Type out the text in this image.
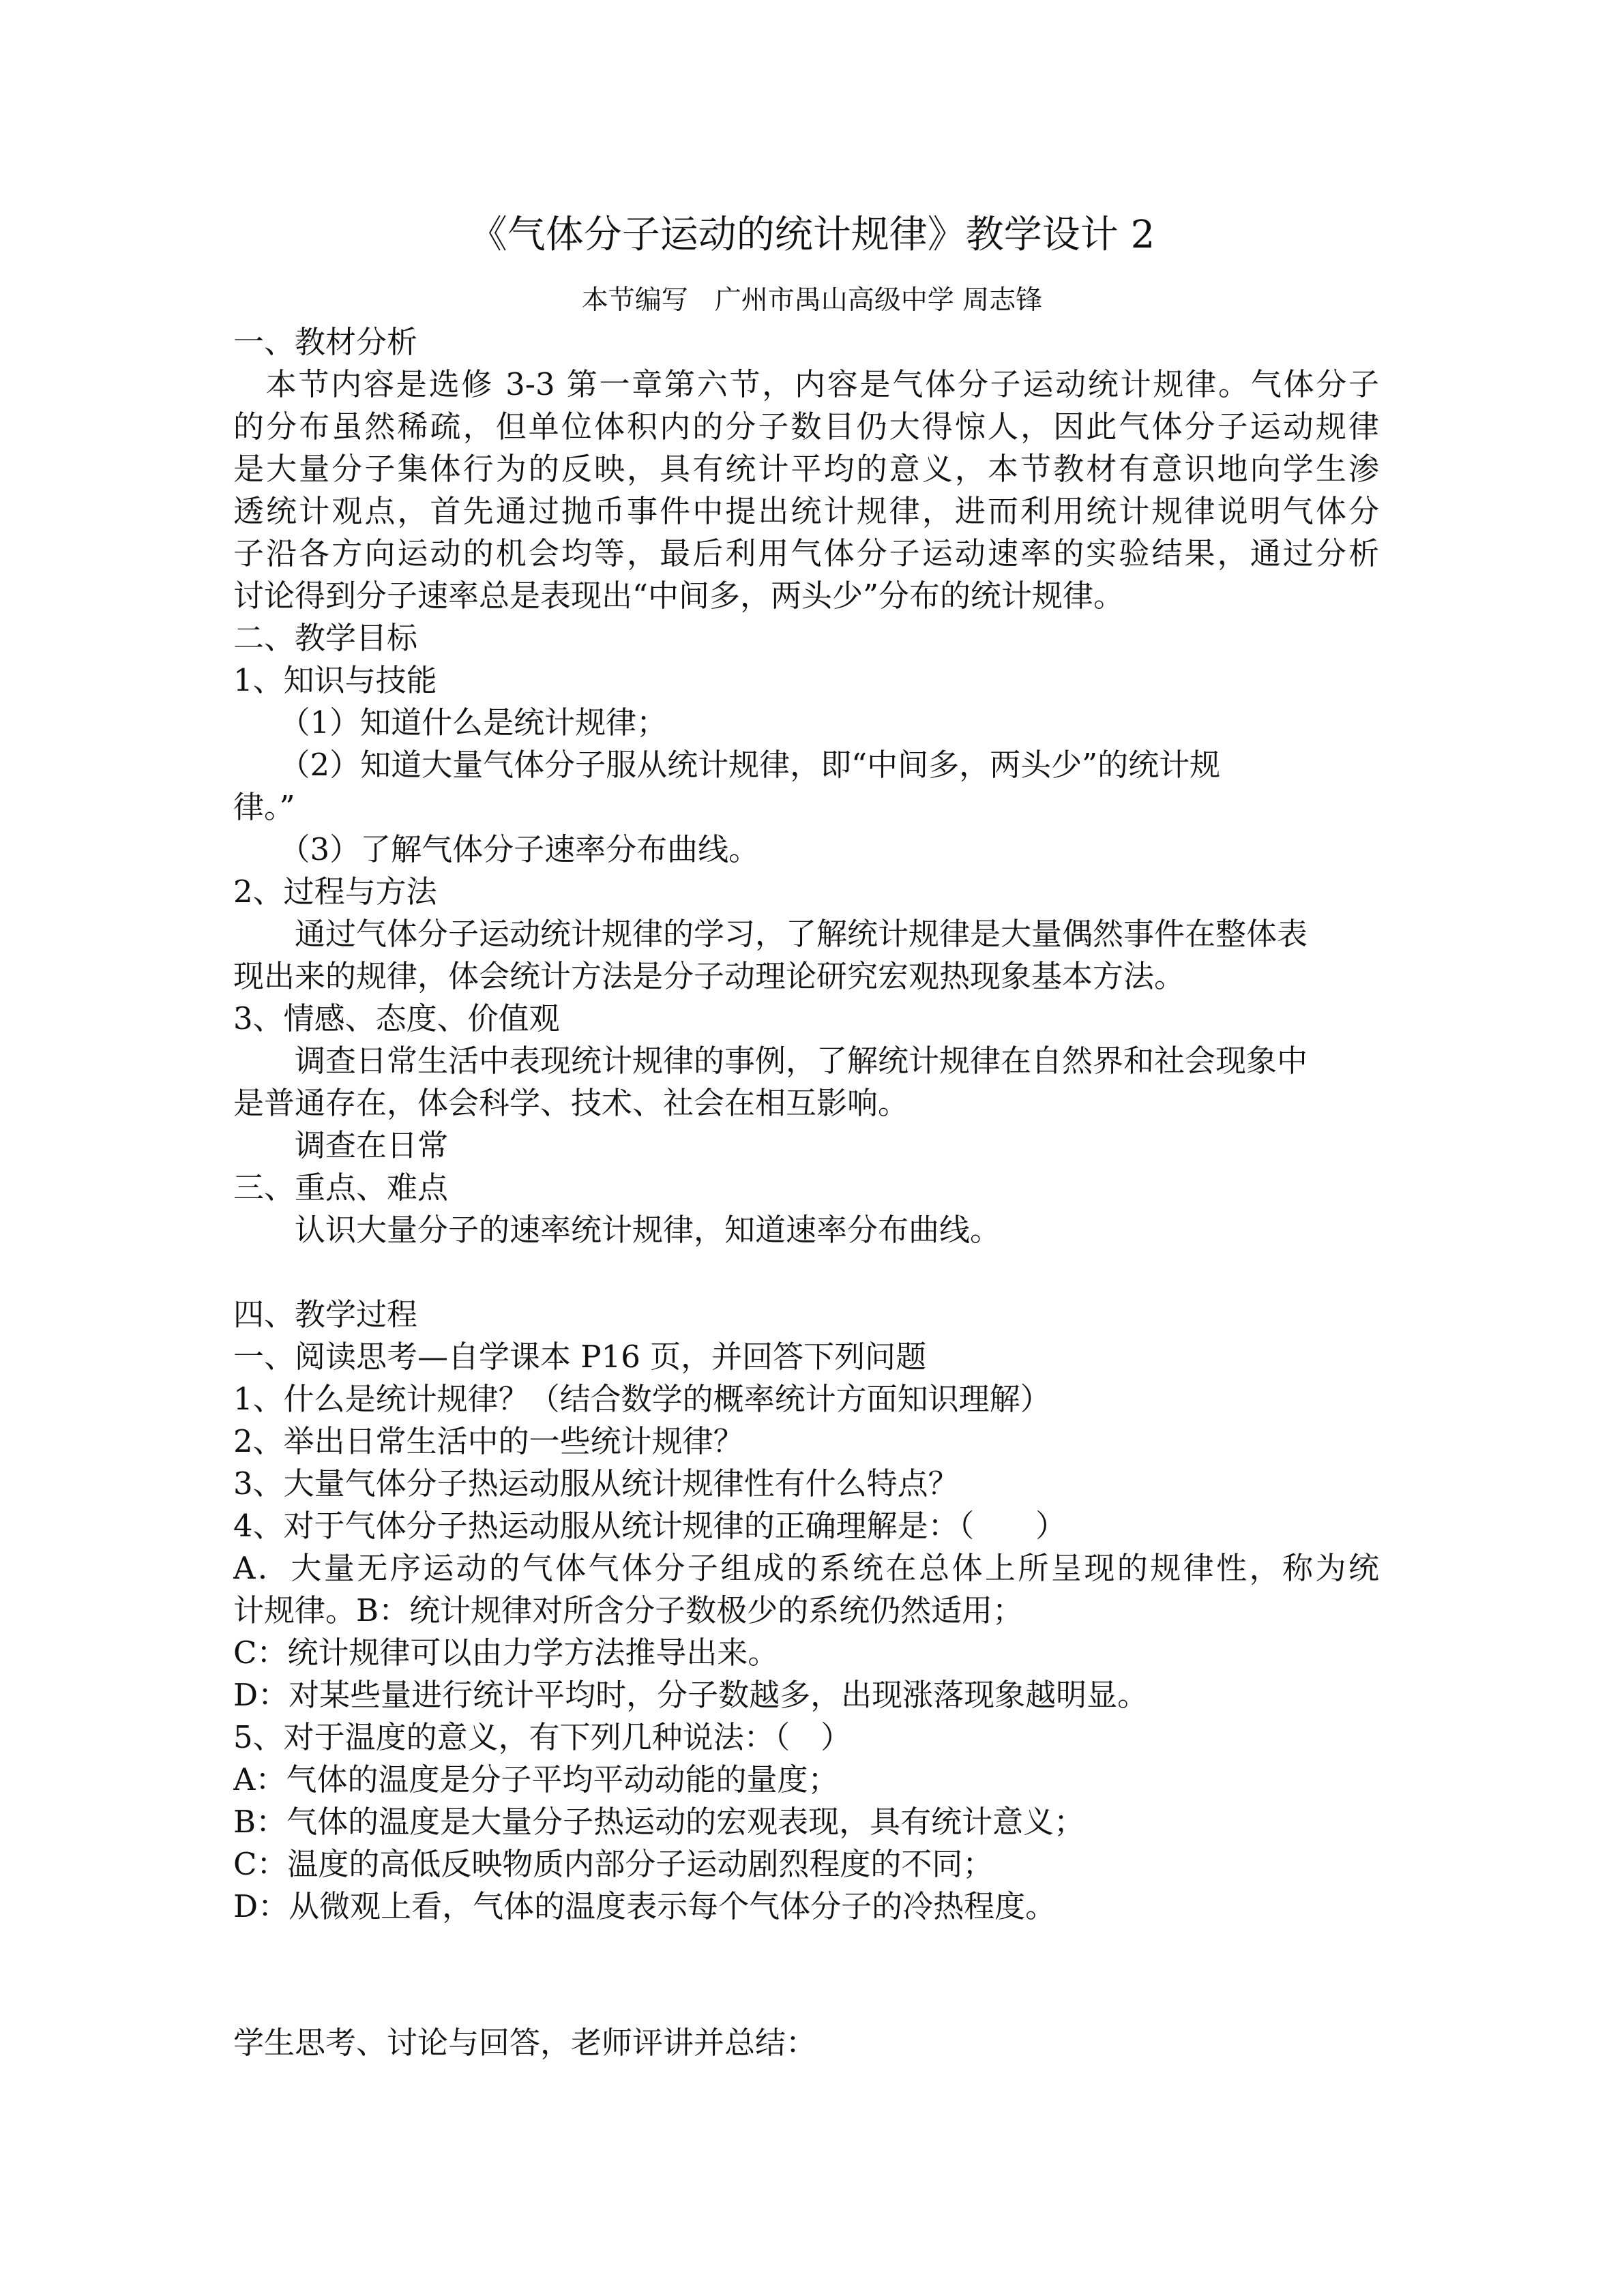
《气体分子运动的统计规律》教学设计 2
本节编写　广州市禺山高级中学 周志锋
一、教材分析
　本节内容是选修 3-3 第一章第六节，内容是气体分子运动统计规律。气体分子
的分布虽然稀疏，但单位体积内的分子数目仍大得惊人，因此气体分子运动规律
是大量分子集体行为的反映，具有统计平均的意义，本节教材有意识地向学生渗
透统计观点，首先通过抛币事件中提出统计规律，进而利用统计规律说明气体分
子沿各方向运动的机会均等，最后利用气体分子运动速率的实验结果，通过分析
讨论得到分子速率总是表现出“中间多，两头少”分布的统计规律。
二、教学目标
1、知识与技能
　　（1）知道什么是统计规律；
　　（2）知道大量气体分子服从统计规律，即“中间多，两头少”的统计规
律。”
　　（3）了解气体分子速率分布曲线。
2、过程与方法
　　通过气体分子运动统计规律的学习，了解统计规律是大量偶然事件在整体表
现出来的规律，体会统计方法是分子动理论研究宏观热现象基本方法。
3、情感、态度、价值观
　　调查日常生活中表现统计规律的事例，了解统计规律在自然界和社会现象中
是普通存在，体会科学、技术、社会在相互影响。
　　调查在日常
三、重点、难点
　　认识大量分子的速率统计规律，知道速率分布曲线。
四、教学过程
一、阅读思考—自学课本 P16 页，并回答下列问题
1、什么是统计规律？（结合数学的概率统计方面知识理解）
2、举出日常生活中的一些统计规律？
3、大量气体分子热运动服从统计规律性有什么特点？
4、对于气体分子热运动服从统计规律的正确理解是：（　　）
A．大量无序运动的气体气体分子组成的系统在总体上所呈现的规律性，称为统
计规律。B：统计规律对所含分子数极少的系统仍然适用；
C：统计规律可以由力学方法推导出来。
D：对某些量进行统计平均时，分子数越多，出现涨落现象越明显。
5、对于温度的意义，有下列几种说法：（　）
A：气体的温度是分子平均平动动能的量度；
B：气体的温度是大量分子热运动的宏观表现，具有统计意义；
C：温度的高低反映物质内部分子运动剧烈程度的不同；
D：从微观上看，气体的温度表示每个气体分子的冷热程度。
学生思考、讨论与回答，老师评讲并总结：
